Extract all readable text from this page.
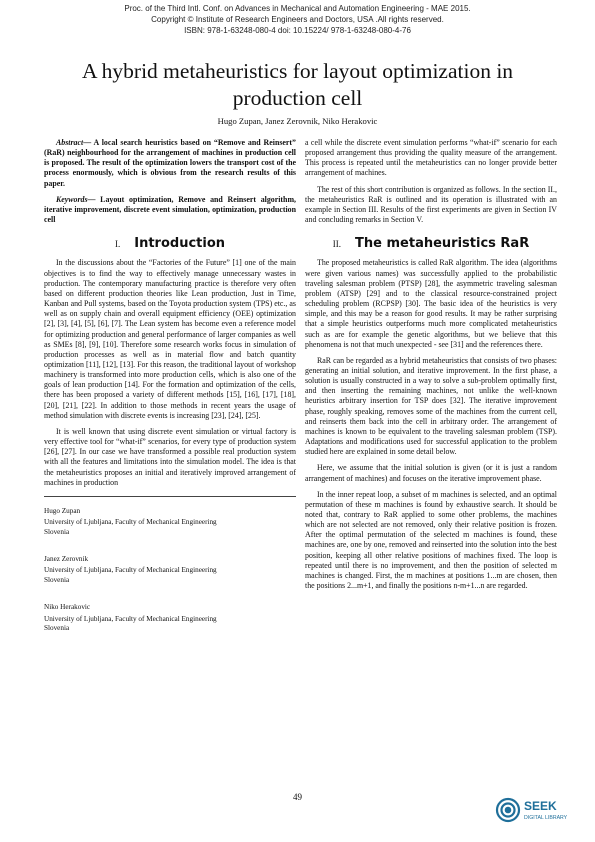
Proc. of the Third Intl. Conf. on Advances in Mechanical and Automation Engineering - MAE 2015.
Copyright © Institute of Research Engineers and Doctors, USA .All rights reserved.
ISBN: 978-1-63248-080-4 doi: 10.15224/ 978-1-63248-080-4-76
A hybrid metaheuristics for layout optimization in production cell
Hugo Zupan, Janez Zerovnik, Niko Herakovic

Abstract— A local search heuristics based on “Remove and Reinsert” (RaR) neighbourhood for the arrangement of machines in production cell is proposed. The result of the optimization lowers the transport cost of the process enormously, which is obvious from the research results of this paper.

Keywords— Layout optimization, Remove and Reinsert algorithm, iterative improvement, discrete event simulation, optimization, production cell

I. Introduction

In the discussions about the “Factories of the Future” [1] one of the main objectives is to find the way to effectively manage unnecessary wastes in production. The contemporary manufacturing practice is therefore very often based on different production theories like Lean production, Just in Time, Kanban and Pull systems, based on the Toyota production system (TPS) etc., as well as on supply chain and overall equipment efficiency (OEE) optimization [2], [3], [4], [5], [6], [7]. The Lean system has become even a reference model for optimizing production and general performance of larger companies as well as SMEs [8], [9], [10]. Therefore some research works focus in simulation of production processes as well as in material flow and batch quantity optimization [11], [12], [13]. For this reason, the traditional layout of workshop machinery is transformed into more production cells, which is also one of the goals of lean production [14]. For the formation and optimization of the cells, there has been proposed a variety of different methods [15], [16], [17], [18], [20], [21], [22]. In addition to those methods in recent years the usage of method simulation with discrete events is increasing [23], [24], [25].

It is well known that using discrete event simulation or virtual factory is very effective tool for “what-if” scenarios, for every type of production system [26], [27]. In our case we have transformed a possible real production system with all the features and limitations into the simulation model. The idea is that the metaheuristics proposes an initial and iteratively improved arrangement of machines in production

Hugo Zupan
University of Ljubljana, Faculty of Mechanical Engineering
Slovenia
Janez Zerovnik
University of Ljubljana, Faculty of Mechanical Engineering
Slovenia
Niko Herakovic
University of Ljubljana, Faculty of Mechanical Engineering
Slovenia

a cell while the discrete event simulation performs “what-if” scenario for each proposed arrangement thus providing the quality measure of the arrangement. This process is repeated until the metaheuristics can no longer provide better arrangement of machines.

The rest of this short contribution is organized as follows. In the section II., the metaheuristics RaR is outlined and its operation is illustrated with an example in Section III. Results of the first experiments are given in Section IV and concluding remarks in Section V.

II. The metaheuristics RaR

The proposed metaheuristics is called RaR algorithm. The idea (algorithms were given various names) was successfully applied to the probabilistic traveling salesman problem (PTSP) [28], the asymmetric traveling salesman problem (ATSP) [29] and to the classical resource-constrained project scheduling problem (RCPSP) [30]. The basic idea of the heuristics is very simple, and this may be a reason for good results. It may be rather surprising that a simple heuristics outperforms much more complicated metaheuristics such as are for example the genetic algorithms, but we believe that this phenomena is not that much unexpected - see [31] and the references there.

RaR can be regarded as a hybrid metaheuristics that consists of two phases: generating an initial solution, and iterative improvement. In the first phase, a solution is usually constructed in a way to solve a sub-problem optimally first, and then inserting the remaining machines, not unlike the well-known heuristics arbitrary insertion for TSP does [32]. The iterative improvement phase, roughly speaking, removes some of the machines from the current cell, and reinserts them back into the cell in arbitrary order. The arrangement of machines is known to be equivalent to the traveling salesman problem (TSP). Adaptations and modifications used for successful application to the problem studied here are explained in some detail below.

Here, we assume that the initial solution is given (or it is just a random arrangement of machines) and focuses on the iterative improvement phase.

In the inner repeat loop, a subset of m machines is selected, and an optimal permutation of these m machines is found by exhaustive search. It should be noted that, contrary to RaR applied to some other problems, the machines which are not selected are not removed, only their relative position is frozen. After the optimal permutation of the selected m machines is found, these machines are, one by one, removed and reinserted into the solution into the best position, keeping all other relative positions of machines fixed. The loop is repeated until there is no improvement, and then the position of selected m machines is changed. First, the m machines at positions 1...m are chosen, then the positions 2...m+1, and finally the positions n-m+1...n are regarded.

49
SEEK
DIGITAL LIBRARY
